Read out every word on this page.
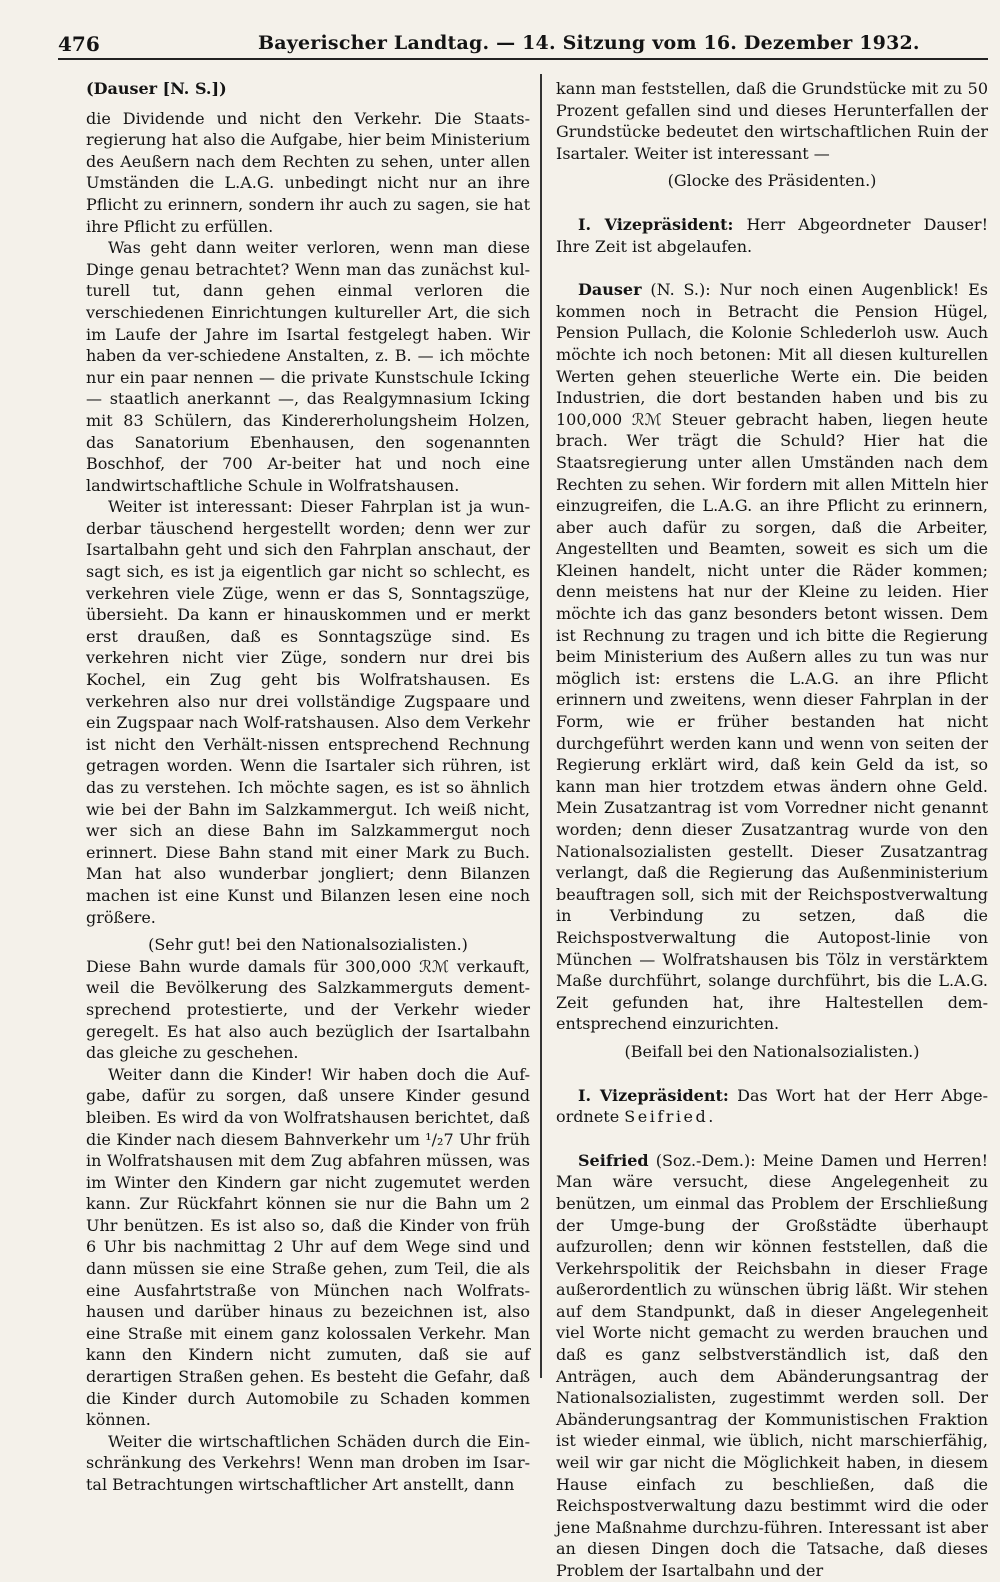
476	Bayerischer Landtag. — 14. Sitzung vom 16. Dezember 1932.

(Dauser [N. S.])

die Dividende und nicht den Verkehr. Die Staats-regierung hat also die Aufgabe, hier beim Ministerium des Aeußern nach dem Rechten zu sehen, unter allen Umständen die L.A.G. unbedingt nicht nur an ihre Pflicht zu erinnern, sondern ihr auch zu sagen, sie hat ihre Pflicht zu erfüllen.

Was geht dann weiter verloren, wenn man diese Dinge genau betrachtet? Wenn man das zunächst kul-turell tut, dann gehen einmal verloren die verschiedenen Einrichtungen kultureller Art, die sich im Laufe der Jahre im Isartal festgelegt haben. Wir haben da ver-schiedene Anstalten, z. B. — ich möchte nur ein paar nennen — die private Kunstschule Icking — staatlich anerkannt —, das Realgymnasium Icking mit 83 Schülern, das Kindererholungsheim Holzen, das Sanatorium Ebenhausen, den sogenannten Boschhof, der 700 Ar-beiter hat und noch eine landwirtschaftliche Schule in Wolfratshausen.

Weiter ist interessant: Dieser Fahrplan ist ja wun-derbar täuschend hergestellt worden; denn wer zur Isartalbahn geht und sich den Fahrplan anschaut, der sagt sich, es ist ja eigentlich gar nicht so schlecht, es verkehren viele Züge, wenn er das S, Sonntagszüge, übersieht. Da kann er hinauskommen und er merkt erst draußen, daß es Sonntagszüge sind. Es verkehren nicht vier Züge, sondern nur drei bis Kochel, ein Zug geht bis Wolfratshausen. Es verkehren also nur drei vollständige Zugspaare und ein Zugspaar nach Wolf-ratshausen. Also dem Verkehr ist nicht den Verhält-nissen entsprechend Rechnung getragen worden. Wenn die Isartaler sich rühren, ist das zu verstehen. Ich möchte sagen, es ist so ähnlich wie bei der Bahn im Salzkammergut. Ich weiß nicht, wer sich an diese Bahn im Salzkammergut noch erinnert. Diese Bahn stand mit einer Mark zu Buch. Man hat also wunderbar jongliert; denn Bilanzen machen ist eine Kunst und Bilanzen lesen eine noch größere.

(Sehr gut! bei den Nationalsozialisten.)

Diese Bahn wurde damals für 300,000 ℛℳ verkauft, weil die Bevölkerung des Salzkammerguts dement-sprechend protestierte, und der Verkehr wieder geregelt. Es hat also auch bezüglich der Isartalbahn das gleiche zu geschehen.

Weiter dann die Kinder! Wir haben doch die Auf-gabe, dafür zu sorgen, daß unsere Kinder gesund bleiben. Es wird da von Wolfratshausen berichtet, daß die Kinder nach diesem Bahnverkehr um ¹/₂7 Uhr früh in Wolfratshausen mit dem Zug abfahren müssen, was im Winter den Kindern gar nicht zugemutet werden kann. Zur Rückfahrt können sie nur die Bahn um 2 Uhr benützen. Es ist also so, daß die Kinder von früh 6 Uhr bis nachmittag 2 Uhr auf dem Wege sind und dann müssen sie eine Straße gehen, zum Teil, die als eine Ausfahrtstraße von München nach Wolfrats-hausen und darüber hinaus zu bezeichnen ist, also eine Straße mit einem ganz kolossalen Verkehr. Man kann den Kindern nicht zumuten, daß sie auf derartigen Straßen gehen. Es besteht die Gefahr, daß die Kinder durch Automobile zu Schaden kommen können.

Weiter die wirtschaftlichen Schäden durch die Ein-schränkung des Verkehrs! Wenn man droben im Isar-tal Betrachtungen wirtschaftlicher Art anstellt, dann

kann man feststellen, daß die Grundstücke mit zu 50 Prozent gefallen sind und dieses Herunterfallen der Grundstücke bedeutet den wirtschaftlichen Ruin der Isartaler. Weiter ist interessant —

(Glocke des Präsidenten.)

I. Vizepräsident: Herr Abgeordneter Dauser! Ihre Zeit ist abgelaufen.

Dauser (N. S.): Nur noch einen Augenblick! Es kommen noch in Betracht die Pension Hügel, Pension Pullach, die Kolonie Schlederloh usw. Auch möchte ich noch betonen: Mit all diesen kulturellen Werten gehen steuerliche Werte ein. Die beiden Industrien, die dort bestanden haben und bis zu 100,000 ℛℳ Steuer gebracht haben, liegen heute brach. Wer trägt die Schuld? Hier hat die Staatsregierung unter allen Umständen nach dem Rechten zu sehen. Wir fordern mit allen Mitteln hier einzugreifen, die L.A.G. an ihre Pflicht zu erinnern, aber auch dafür zu sorgen, daß die Arbeiter, Angestellten und Beamten, soweit es sich um die Kleinen handelt, nicht unter die Räder kommen; denn meistens hat nur der Kleine zu leiden. Hier möchte ich das ganz besonders betont wissen. Dem ist Rechnung zu tragen und ich bitte die Regierung beim Ministerium des Außern alles zu tun was nur möglich ist: erstens die L.A.G. an ihre Pflicht erinnern und zweitens, wenn dieser Fahrplan in der Form, wie er früher bestanden hat nicht durchgeführt werden kann und wenn von seiten der Regierung erklärt wird, daß kein Geld da ist, so kann man hier trotzdem etwas ändern ohne Geld. Mein Zusatzantrag ist vom Vorredner nicht genannt worden; denn dieser Zusatzantrag wurde von den Nationalsozialisten gestellt. Dieser Zusatzantrag verlangt, daß die Regierung das Außenministerium beauftragen soll, sich mit der Reichspostverwaltung in Verbindung zu setzen, daß die Reichspostverwaltung die Autopost-linie von München — Wolfratshausen bis Tölz in verstärktem Maße durchführt, solange durchführt, bis die L.A.G. Zeit gefunden hat, ihre Haltestellen dem-entsprechend einzurichten.

(Beifall bei den Nationalsozialisten.)

I. Vizepräsident: Das Wort hat der Herr Abge-ordnete Seifried.

Seifried (Soz.-Dem.): Meine Damen und Herren! Man wäre versucht, diese Angelegenheit zu benützen, um einmal das Problem der Erschließung der Umge-bung der Großstädte überhaupt aufzurollen; denn wir können feststellen, daß die Verkehrspolitik der Reichsbahn in dieser Frage außerordentlich zu wünschen übrig läßt. Wir stehen auf dem Standpunkt, daß in dieser Angelegenheit viel Worte nicht gemacht zu werden brauchen und daß es ganz selbstverständlich ist, daß den Anträgen, auch dem Abänderungsantrag der Nationalsozialisten, zugestimmt werden soll. Der Abänderungsantrag der Kommunistischen Fraktion ist wieder einmal, wie üblich, nicht marschierfähig, weil wir gar nicht die Möglichkeit haben, in diesem Hause einfach zu beschließen, daß die Reichspostverwaltung dazu bestimmt wird die oder jene Maßnahme durchzu-führen. Interessant ist aber an diesen Dingen doch die Tatsache, daß dieses Problem der Isartalbahn und der
